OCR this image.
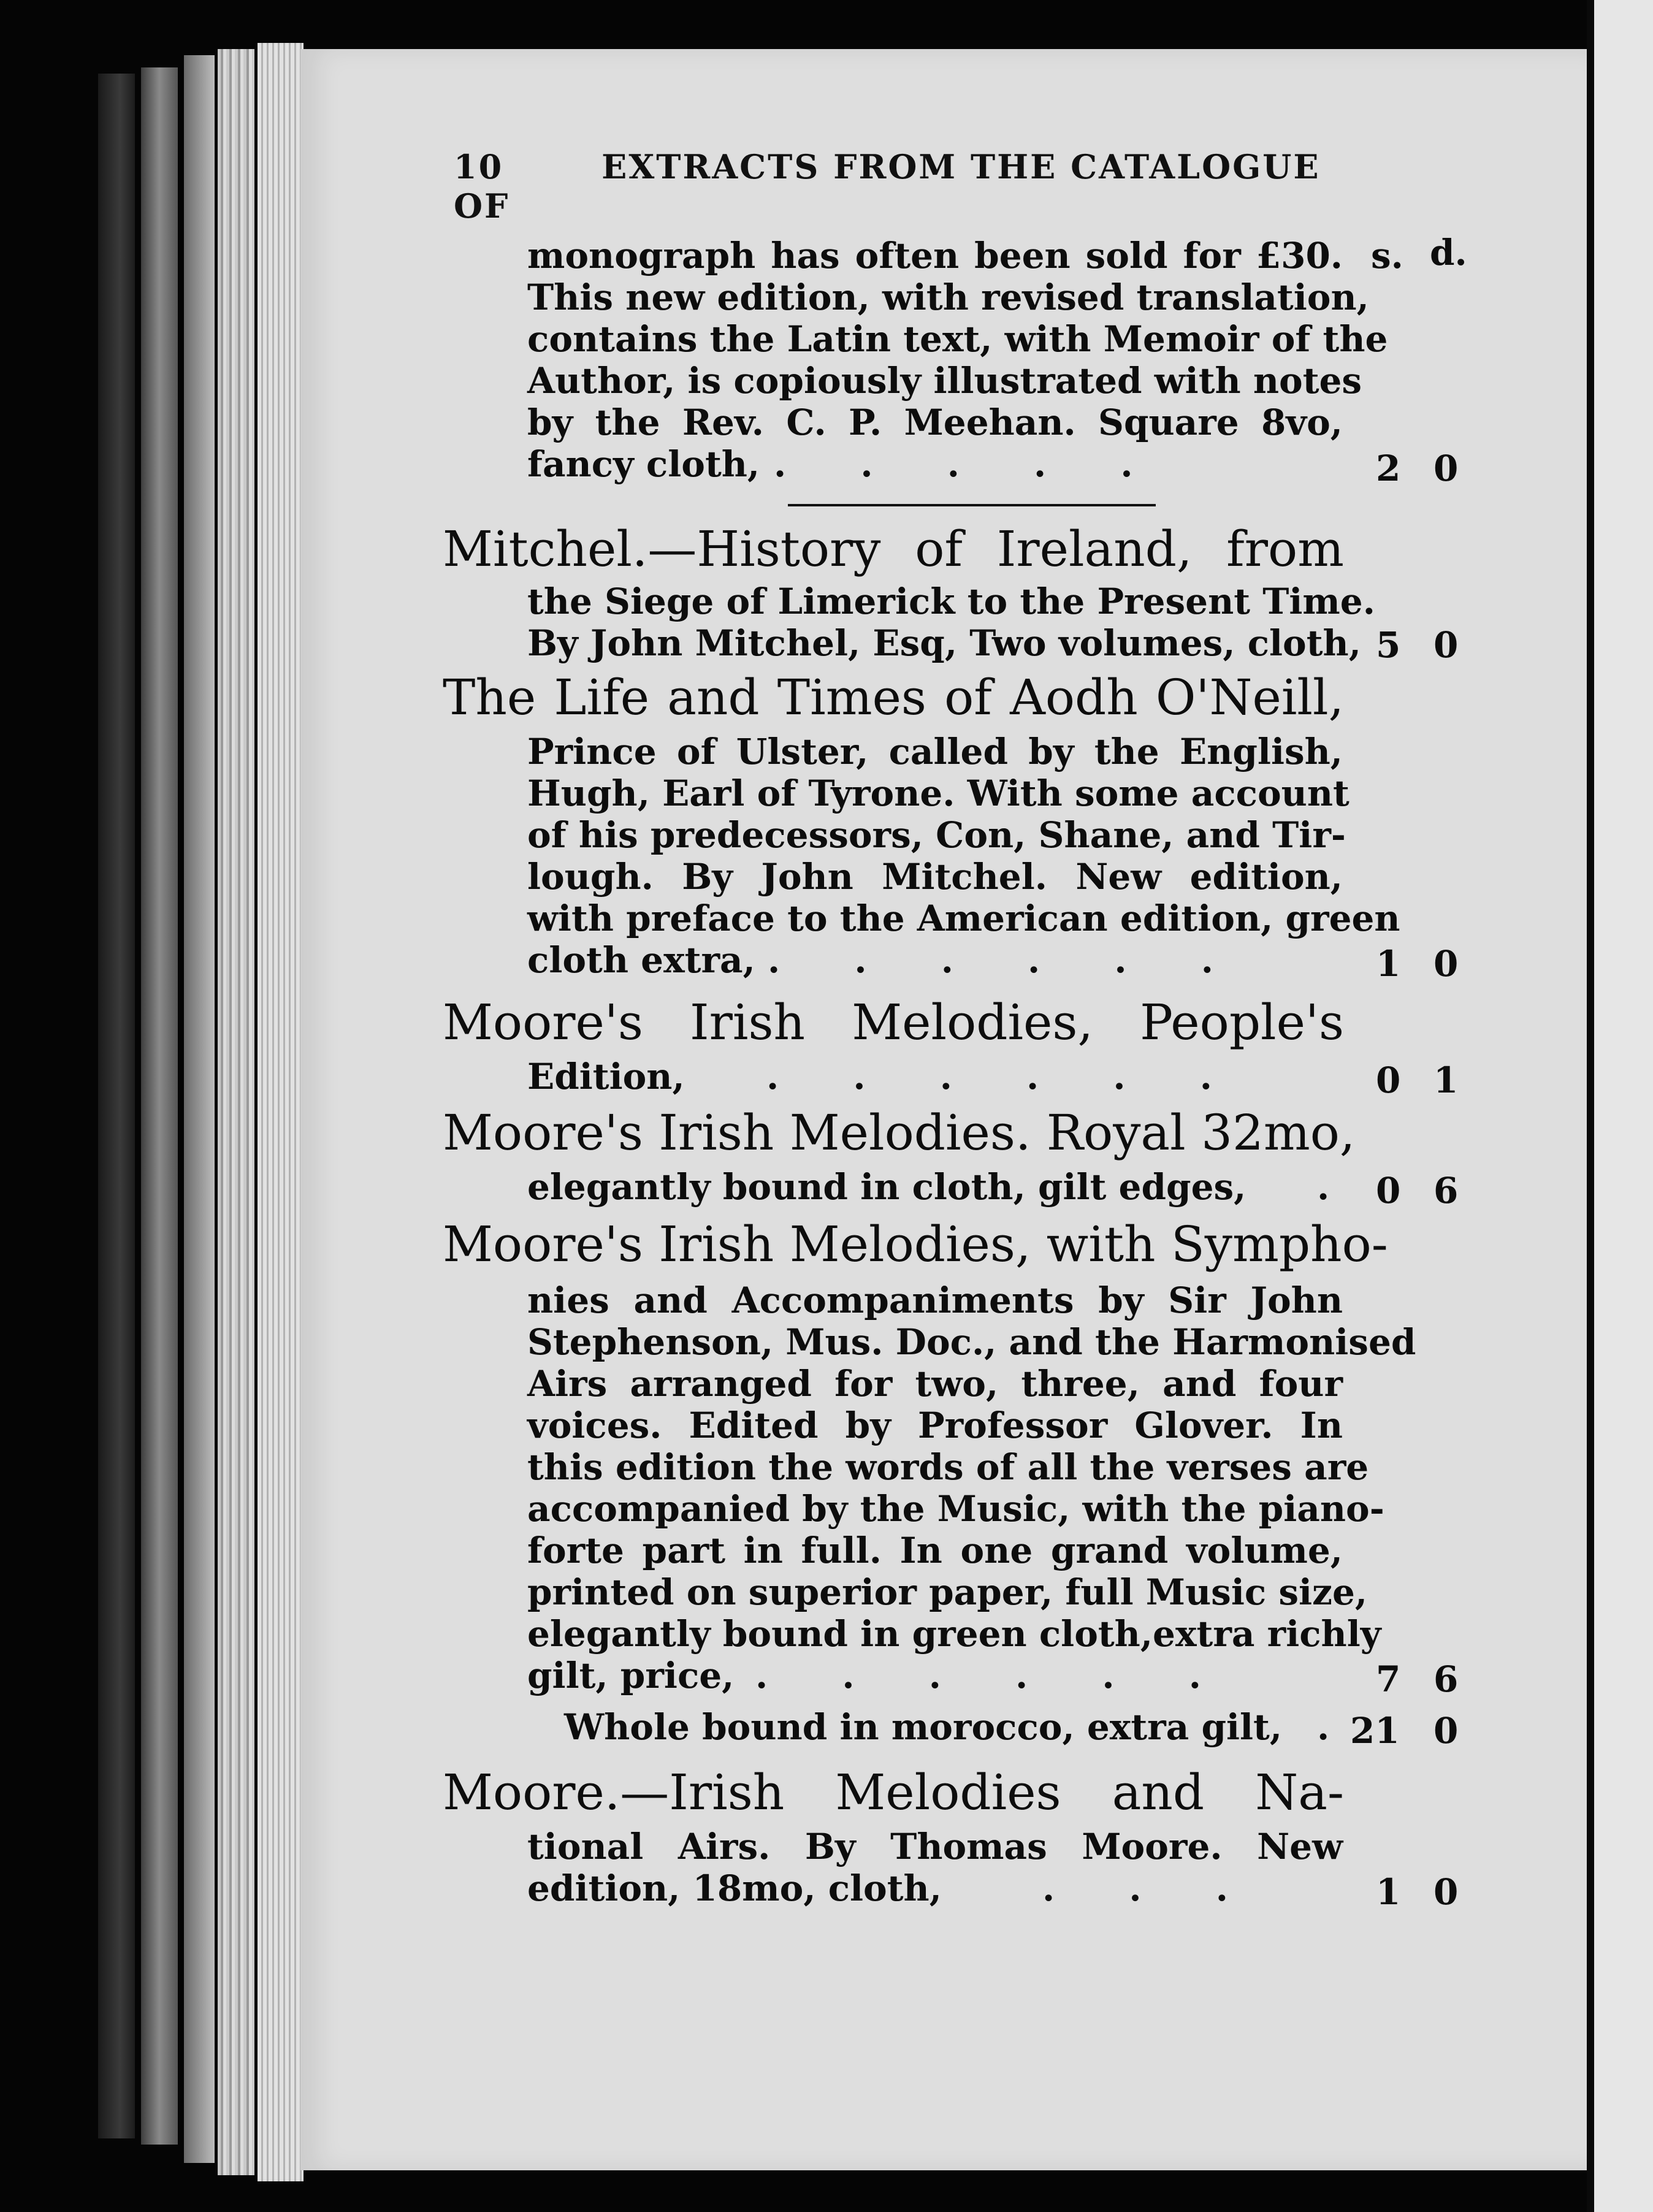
10	EXTRACTS FROM THE CATALOGUE OF
monograph has often been sold for £30. s. d.
This new edition, with revised translation,
contains the Latin text, with Memoir of the
Author, is copiously illustrated with notes
by the Rev. C. P. Meehan. Square 8vo,
fancy cloth, .      .      .      .      .	2 0
Mitchel.—History of Ireland, from
the Siege of Limerick to the Present Time.
By John Mitchel, Esq, Two volumes, cloth, 5 0
The Life and Times of Aodh O'Neill,
Prince of Ulster, called by the English,
Hugh, Earl of Tyrone. With some account
of his predecessors, Con, Shane, and Tir-
lough. By John Mitchel. New edition,
with preface to the American edition, green
cloth extra, .      .      .      .      .      .	1 0
Moore's Irish Melodies, People's
Edition, .      .      .      .      .      .	0 1
Moore's Irish Melodies. Royal 32mo,
elegantly bound in cloth, gilt edges, . 0 6
Moore's Irish Melodies, with Sympho-
nies and Accompaniments by Sir John
Stephenson, Mus. Doc., and the Harmonised
Airs arranged for two, three, and four
voices. Edited by Professor Glover. In
this edition the words of all the verses are
accompanied by the Music, with the piano-
forte part in full. In one grand volume,
printed on superior paper, full Music size,
elegantly bound in green cloth,extra richly
gilt, price, .      .      .      .      .      .	7 6
Whole bound in morocco, extra gilt, . 21 0
Moore.—Irish Melodies and Na-
tional Airs. By Thomas Moore. New
edition, 18mo, cloth,	.      .      .	1 0
